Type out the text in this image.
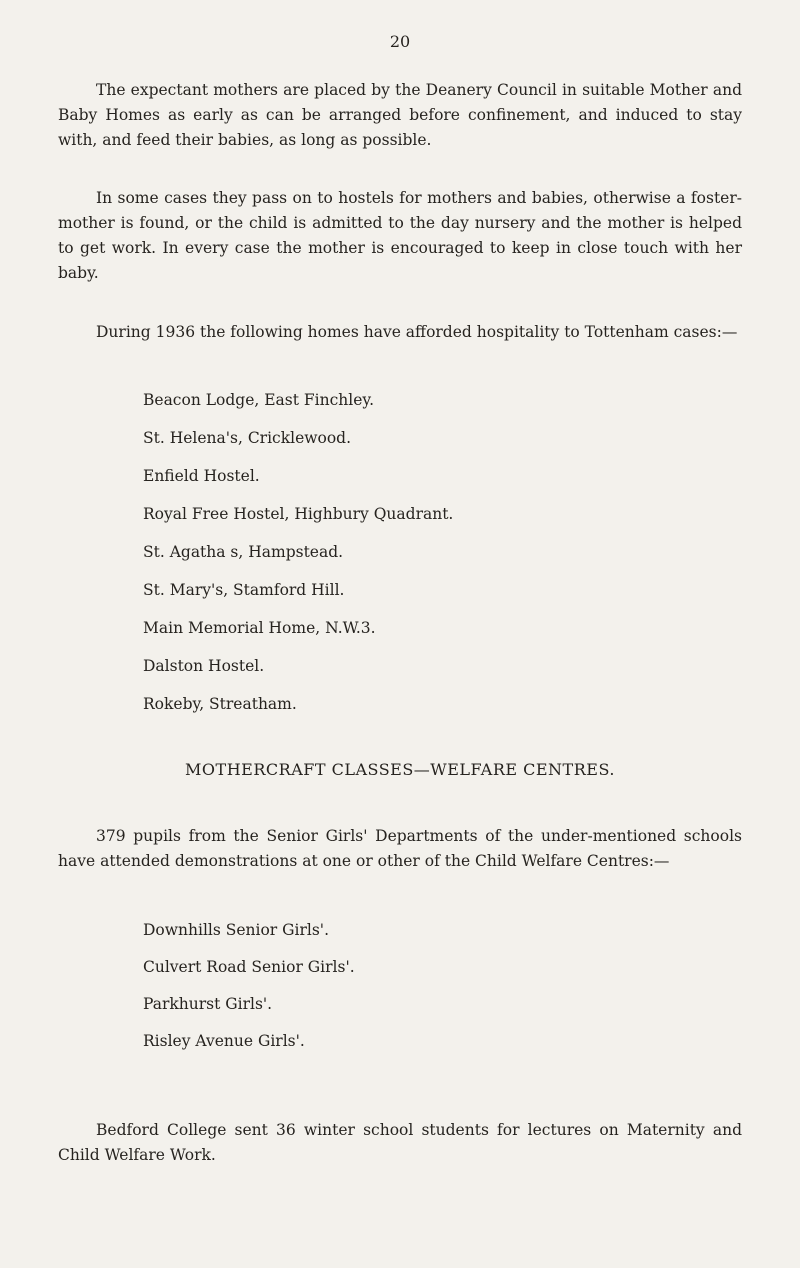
20

The expectant mothers are placed by the Deanery Council in suitable Mother and Baby Homes as early as can be arranged before confinement, and induced to stay with, and feed their babies, as long as possible.

In some cases they pass on to hostels for mothers and babies, otherwise a foster-mother is found, or the child is admitted to the day nursery and the mother is helped to get work. In every case the mother is encouraged to keep in close touch with her baby.

During 1936 the following homes have afforded hospitality to Tottenham cases:—

Beacon Lodge, East Finchley.
St. Helena's, Cricklewood.
Enfield Hostel.
Royal Free Hostel, Highbury Quadrant.
St. Agatha s, Hampstead.
St. Mary's, Stamford Hill.
Main Memorial Home, N.W.3.
Dalston Hostel.
Rokeby, Streatham.
MOTHERCRAFT CLASSES—WELFARE CENTRES.

379 pupils from the Senior Girls' Departments of the under-mentioned schools have attended demonstrations at one or other of the Child Welfare Centres:—

Downhills Senior Girls'.
Culvert Road Senior Girls'.
Parkhurst Girls'.
Risley Avenue Girls'.

Bedford College sent 36 winter school students for lectures on Maternity and Child Welfare Work.
